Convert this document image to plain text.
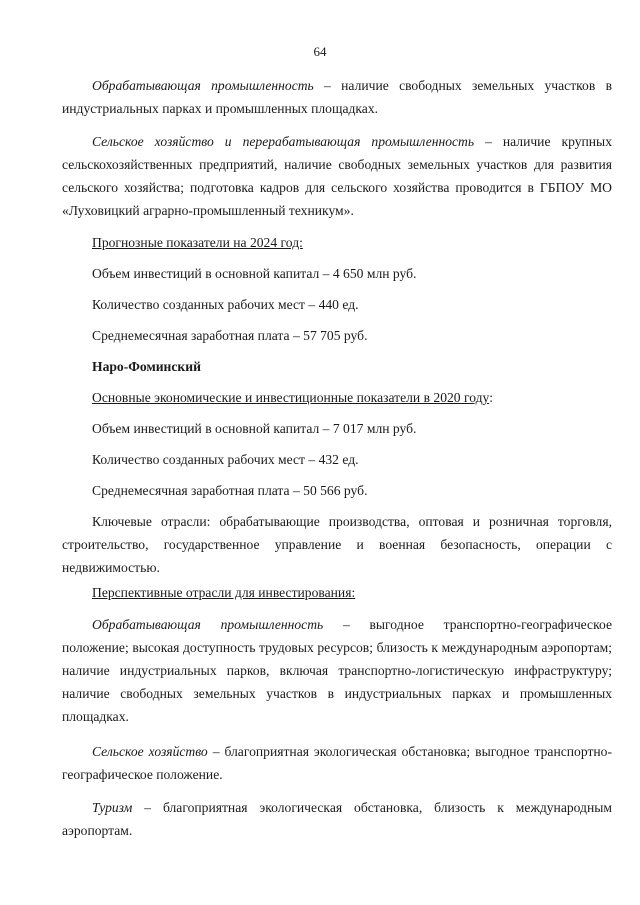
64

Обрабатывающая промышленность – наличие свободных земельных участков в индустриальных парках и промышленных площадках.

Сельское хозяйство и перерабатывающая промышленность – наличие крупных сельскохозяйственных предприятий, наличие свободных земельных участков для развития сельского хозяйства; подготовка кадров для сельского хозяйства проводится в ГБПОУ МО «Луховицкий аграрно-промышленный техникум».

Прогнозные показатели на 2024 год:

Объем инвестиций в основной капитал – 4 650 млн руб.

Количество созданных рабочих мест – 440 ед.

Среднемесячная заработная плата – 57 705 руб.

Наро-Фоминский

Основные экономические и инвестиционные показатели в 2020 году:

Объем инвестиций в основной капитал – 7 017 млн руб.

Количество созданных рабочих мест – 432 ед.

Среднемесячная заработная плата – 50 566 руб.

Ключевые отрасли: обрабатывающие производства, оптовая и розничная торговля, строительство, государственное управление и военная безопасность, операции с недвижимостью.

Перспективные отрасли для инвестирования:

Обрабатывающая промышленность – выгодное транспортно-географическое положение; высокая доступность трудовых ресурсов; близость к международным аэропортам; наличие индустриальных парков, включая транспортно-логистическую инфраструктуру; наличие свободных земельных участков в индустриальных парках и промышленных площадках.

Сельское хозяйство – благоприятная экологическая обстановка; выгодное транспортно-географическое положение.

Туризм – благоприятная экологическая обстановка, близость к международным аэропортам.
